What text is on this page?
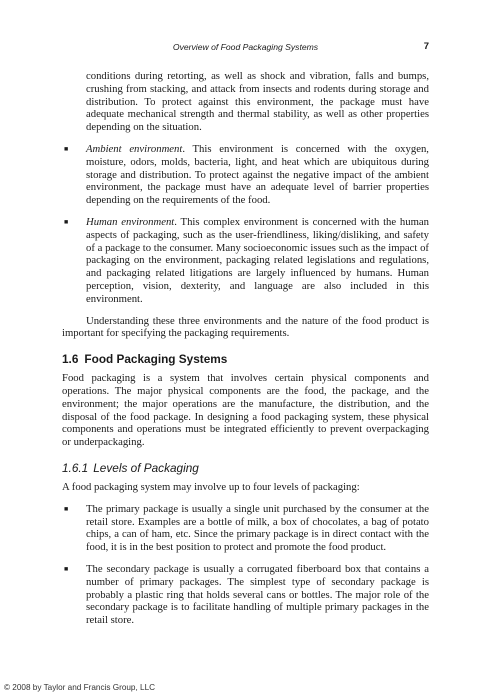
Overview of Food Packaging Systems	7

conditions during retorting, as well as shock and vibration, falls and bumps, crushing from stacking, and attack from insects and rodents during storage and distribution. To protect against this environment, the package must have adequate mechanical strength and thermal stability, as well as other properties depending on the situation.

■ Ambient environment. This environment is concerned with the oxygen, moisture, odors, molds, bacteria, light, and heat which are ubiquitous during storage and distribution. To protect against the negative impact of the ambient environment, the package must have an adequate level of barrier properties depending on the requirements of the food.
■ Human environment. This complex environment is concerned with the human aspects of packaging, such as the user-friendliness, liking/disliking, and safety of a package to the consumer. Many socioeconomic issues such as the impact of packaging on the environment, packaging related legislations and regulations, and packaging related litigations are largely influenced by humans. Human perception, vision, dexterity, and language are also included in this environment.

Understanding these three environments and the nature of the food product is important for specifying the packaging requirements.

1.6 Food Packaging Systems

Food packaging is a system that involves certain physical components and operations. The major physical components are the food, the package, and the environment; the major operations are the manufacture, the distribution, and the disposal of the food package. In designing a food packaging system, these physical components and operations must be integrated efficiently to prevent overpackaging or underpackaging.

1.6.1 Levels of Packaging

A food packaging system may involve up to four levels of packaging:

■ The primary package is usually a single unit purchased by the consumer at the retail store. Examples are a bottle of milk, a box of chocolates, a bag of potato chips, a can of ham, etc. Since the primary package is in direct contact with the food, it is in the best position to protect and promote the food product.
■ The secondary package is usually a corrugated fiberboard box that contains a number of primary packages. The simplest type of secondary package is probably a plastic ring that holds several cans or bottles. The major role of the secondary package is to facilitate handling of multiple primary packages in the retail store.
© 2008 by Taylor and Francis Group, LLC
